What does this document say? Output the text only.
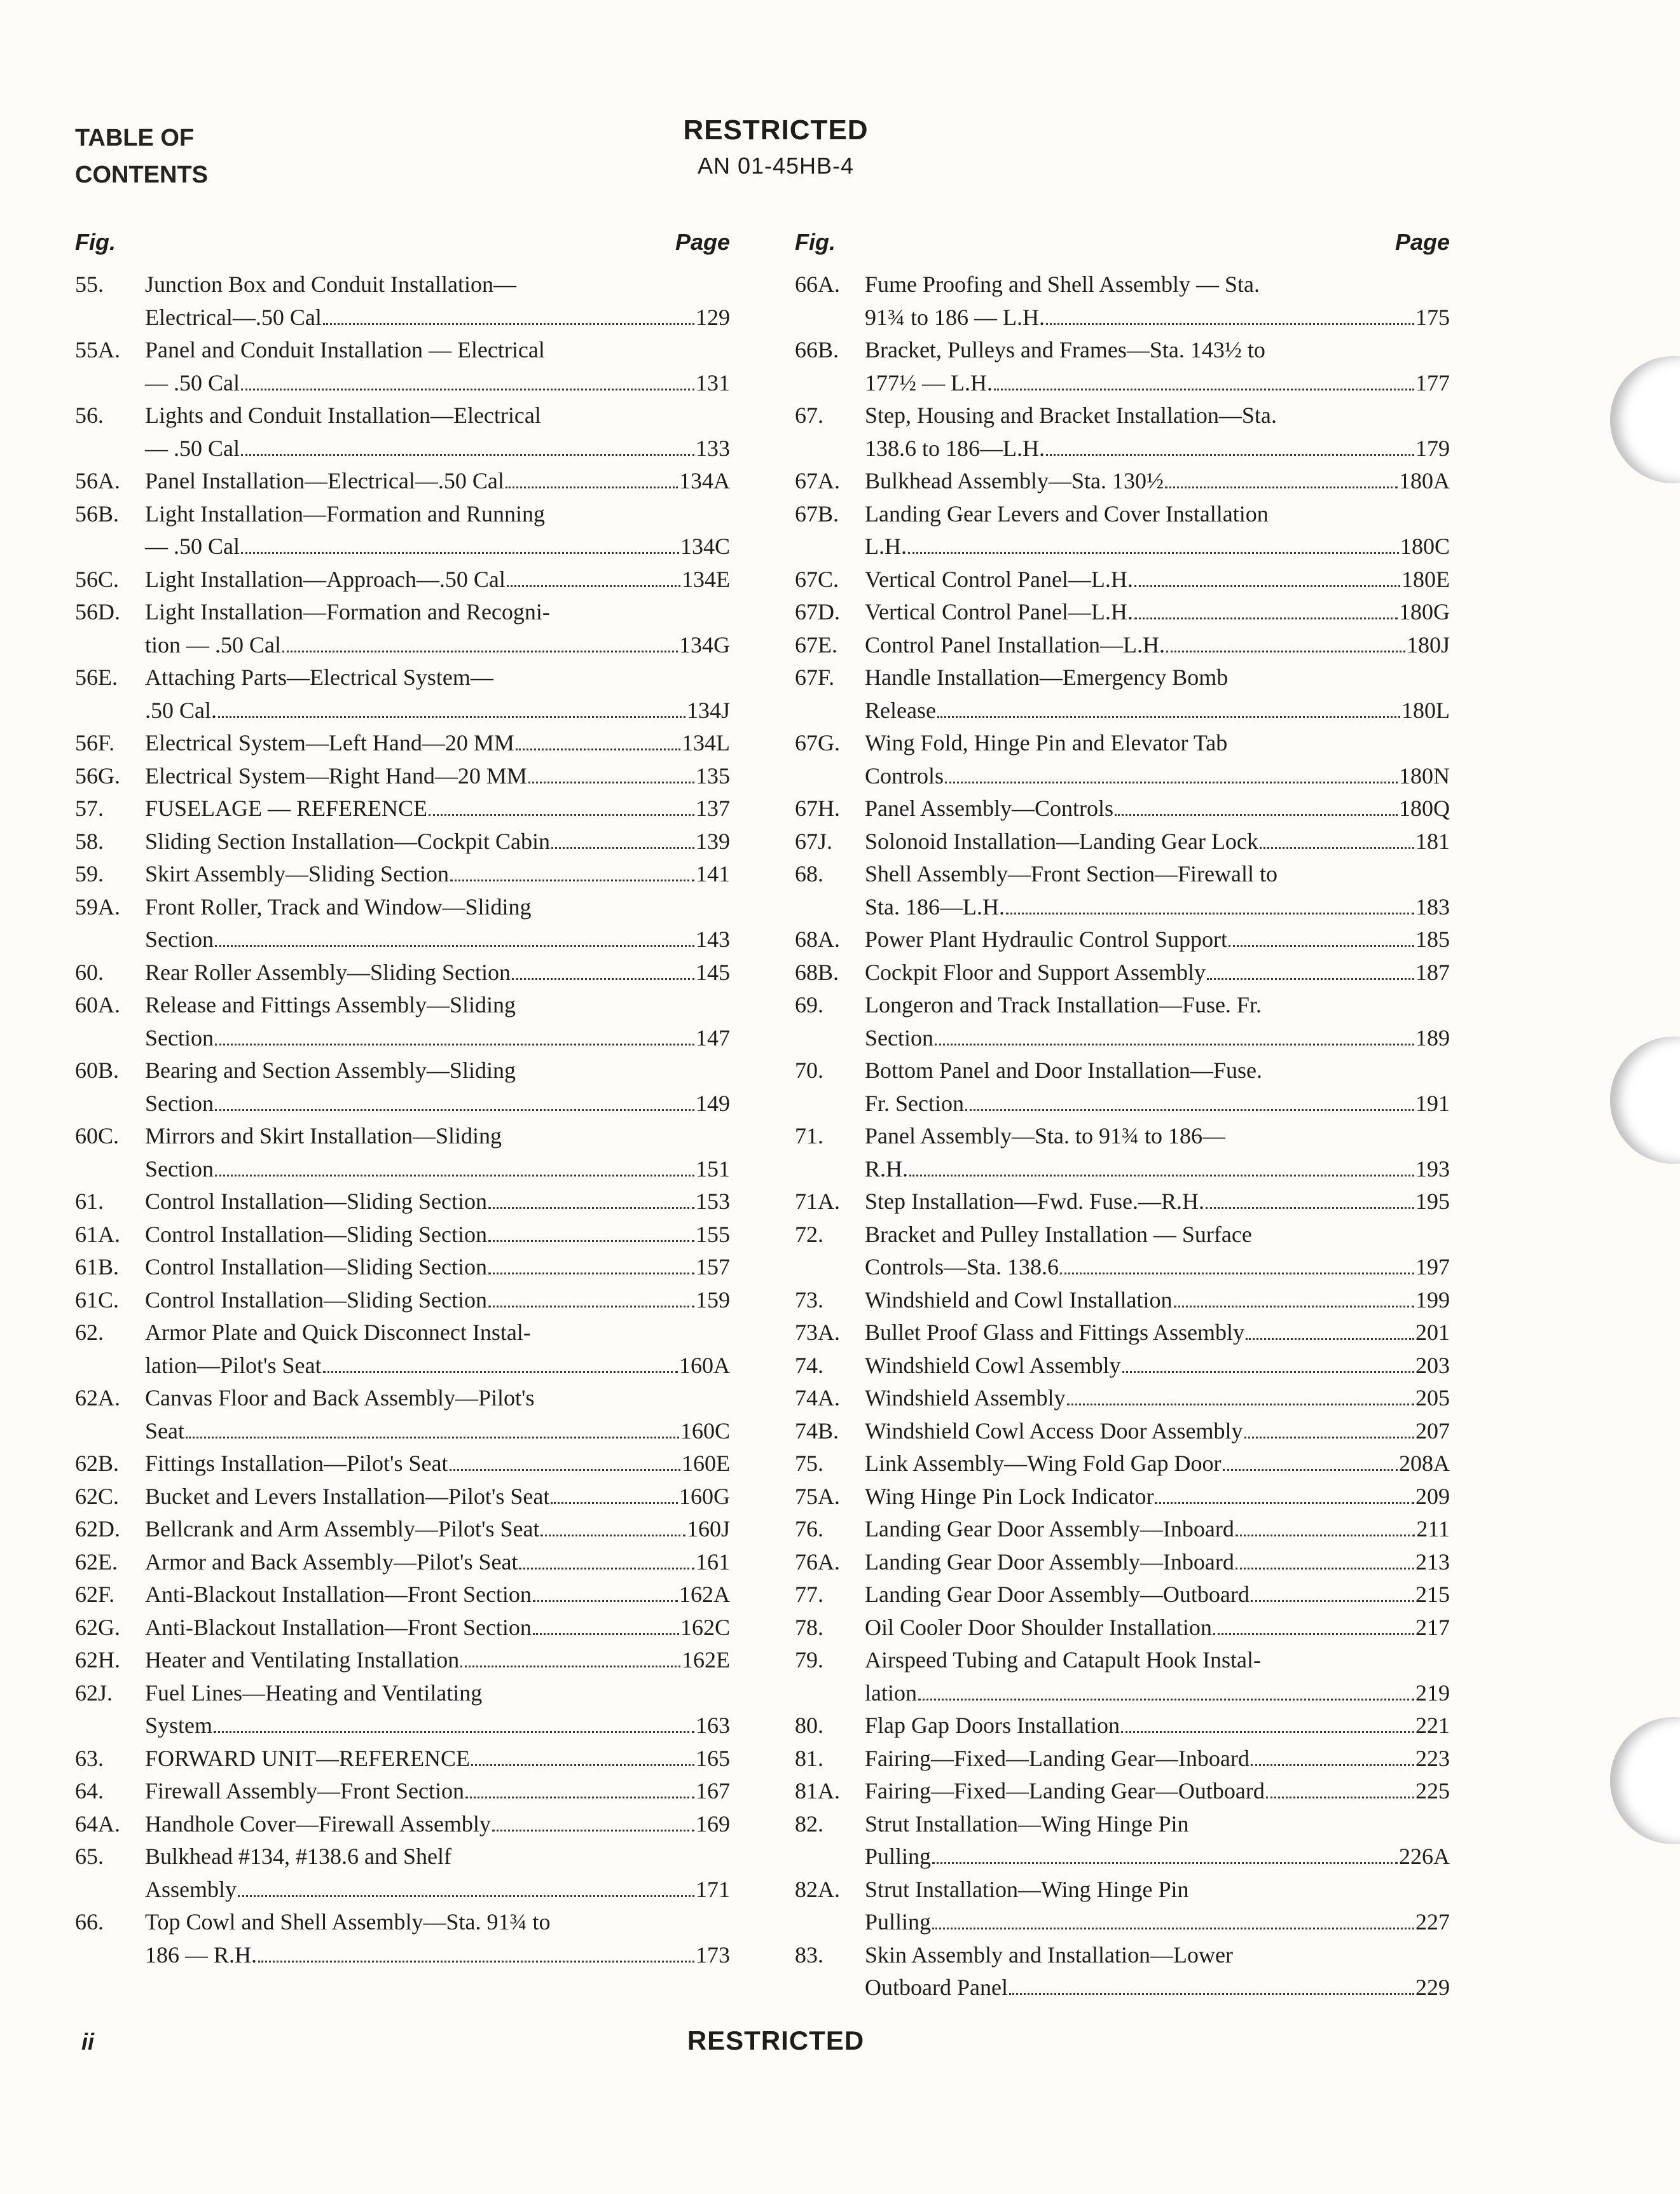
TABLE OF
CONTENTS
RESTRICTED
AN 01-45HB-4
Fig.	Page
55.	Junction Box and Conduit Installation—
Electrical—.50 Cal	129
55A.	Panel and Conduit Installation — Electrical
— .50 Cal	131
56.	Lights and Conduit Installation—Electrical
— .50 Cal	133
56A.	Panel Installation—Electrical—.50 Cal	134A
56B.	Light Installation—Formation and Running
— .50 Cal	134C
56C.	Light Installation—Approach—.50 Cal	134E
56D.	Light Installation—Formation and Recogni-
tion — .50 Cal	134G
56E.	Attaching Parts—Electrical System—
.50 Cal.	134J
56F.	Electrical System—Left Hand—20 MM	134L
56G.	Electrical System—Right Hand—20 MM	135
57.	FUSELAGE — REFERENCE	137
58.	Sliding Section Installation—Cockpit Cabin	139
59.	Skirt Assembly—Sliding Section	141
59A.	Front Roller, Track and Window—Sliding
Section	143
60.	Rear Roller Assembly—Sliding Section	145
60A.	Release and Fittings Assembly—Sliding
Section	147
60B.	Bearing and Section Assembly—Sliding
Section	149
60C.	Mirrors and Skirt Installation—Sliding
Section	151
61.	Control Installation—Sliding Section	153
61A.	Control Installation—Sliding Section	155
61B.	Control Installation—Sliding Section	157
61C.	Control Installation—Sliding Section	159
62.	Armor Plate and Quick Disconnect Instal-
lation—Pilot's Seat	160A
62A.	Canvas Floor and Back Assembly—Pilot's
Seat	160C
62B.	Fittings Installation—Pilot's Seat	160E
62C.	Bucket and Levers Installation—Pilot's Seat	160G
62D.	Bellcrank and Arm Assembly—Pilot's Seat	160J
62E.	Armor and Back Assembly—Pilot's Seat	161
62F.	Anti-Blackout Installation—Front Section	162A
62G.	Anti-Blackout Installation—Front Section	162C
62H.	Heater and Ventilating Installation	162E
62J.	Fuel Lines—Heating and Ventilating
System	163
63.	FORWARD UNIT—REFERENCE	165
64.	Firewall Assembly—Front Section	167
64A.	Handhole Cover—Firewall Assembly	169
65.	Bulkhead #134, #138.6 and Shelf
Assembly	171
66.	Top Cowl and Shell Assembly—Sta. 91¾ to
186 — R.H.	173
Fig.	Page
66A.	Fume Proofing and Shell Assembly — Sta.
91¾ to 186 — L.H.	175
66B.	Bracket, Pulleys and Frames—Sta. 143½ to
177½ — L.H.	177
67.	Step, Housing and Bracket Installation—Sta.
138.6 to 186—L.H.	179
67A.	Bulkhead Assembly—Sta. 130½	180A
67B.	Landing Gear Levers and Cover Installation
L.H.	180C
67C.	Vertical Control Panel—L.H.	180E
67D.	Vertical Control Panel—L.H.	180G
67E.	Control Panel Installation—L.H.	180J
67F.	Handle Installation—Emergency Bomb
Release	180L
67G.	Wing Fold, Hinge Pin and Elevator Tab
Controls	180N
67H.	Panel Assembly—Controls	180Q
67J.	Solonoid Installation—Landing Gear Lock	181
68.	Shell Assembly—Front Section—Firewall to
Sta. 186—L.H.	183
68A.	Power Plant Hydraulic Control Support	185
68B.	Cockpit Floor and Support Assembly	187
69.	Longeron and Track Installation—Fuse. Fr.
Section	189
70.	Bottom Panel and Door Installation—Fuse.
Fr. Section	191
71.	Panel Assembly—Sta. to 91¾ to 186—
R.H.	193
71A.	Step Installation—Fwd. Fuse.—R.H.	195
72.	Bracket and Pulley Installation — Surface
Controls—Sta. 138.6	197
73.	Windshield and Cowl Installation	199
73A.	Bullet Proof Glass and Fittings Assembly	201
74.	Windshield Cowl Assembly	203
74A.	Windshield Assembly	205
74B.	Windshield Cowl Access Door Assembly	207
75.	Link Assembly—Wing Fold Gap Door	208A
75A.	Wing Hinge Pin Lock Indicator	209
76.	Landing Gear Door Assembly—Inboard	211
76A.	Landing Gear Door Assembly—Inboard	213
77.	Landing Gear Door Assembly—Outboard	215
78.	Oil Cooler Door Shoulder Installation	217
79.	Airspeed Tubing and Catapult Hook Instal-
lation	219
80.	Flap Gap Doors Installation	221
81.	Fairing—Fixed—Landing Gear—Inboard	223
81A.	Fairing—Fixed—Landing Gear—Outboard	225
82.	Strut Installation—Wing Hinge Pin
Pulling	226A
82A.	Strut Installation—Wing Hinge Pin
Pulling	227
83.	Skin Assembly and Installation—Lower
Outboard Panel	229
ii	RESTRICTED
